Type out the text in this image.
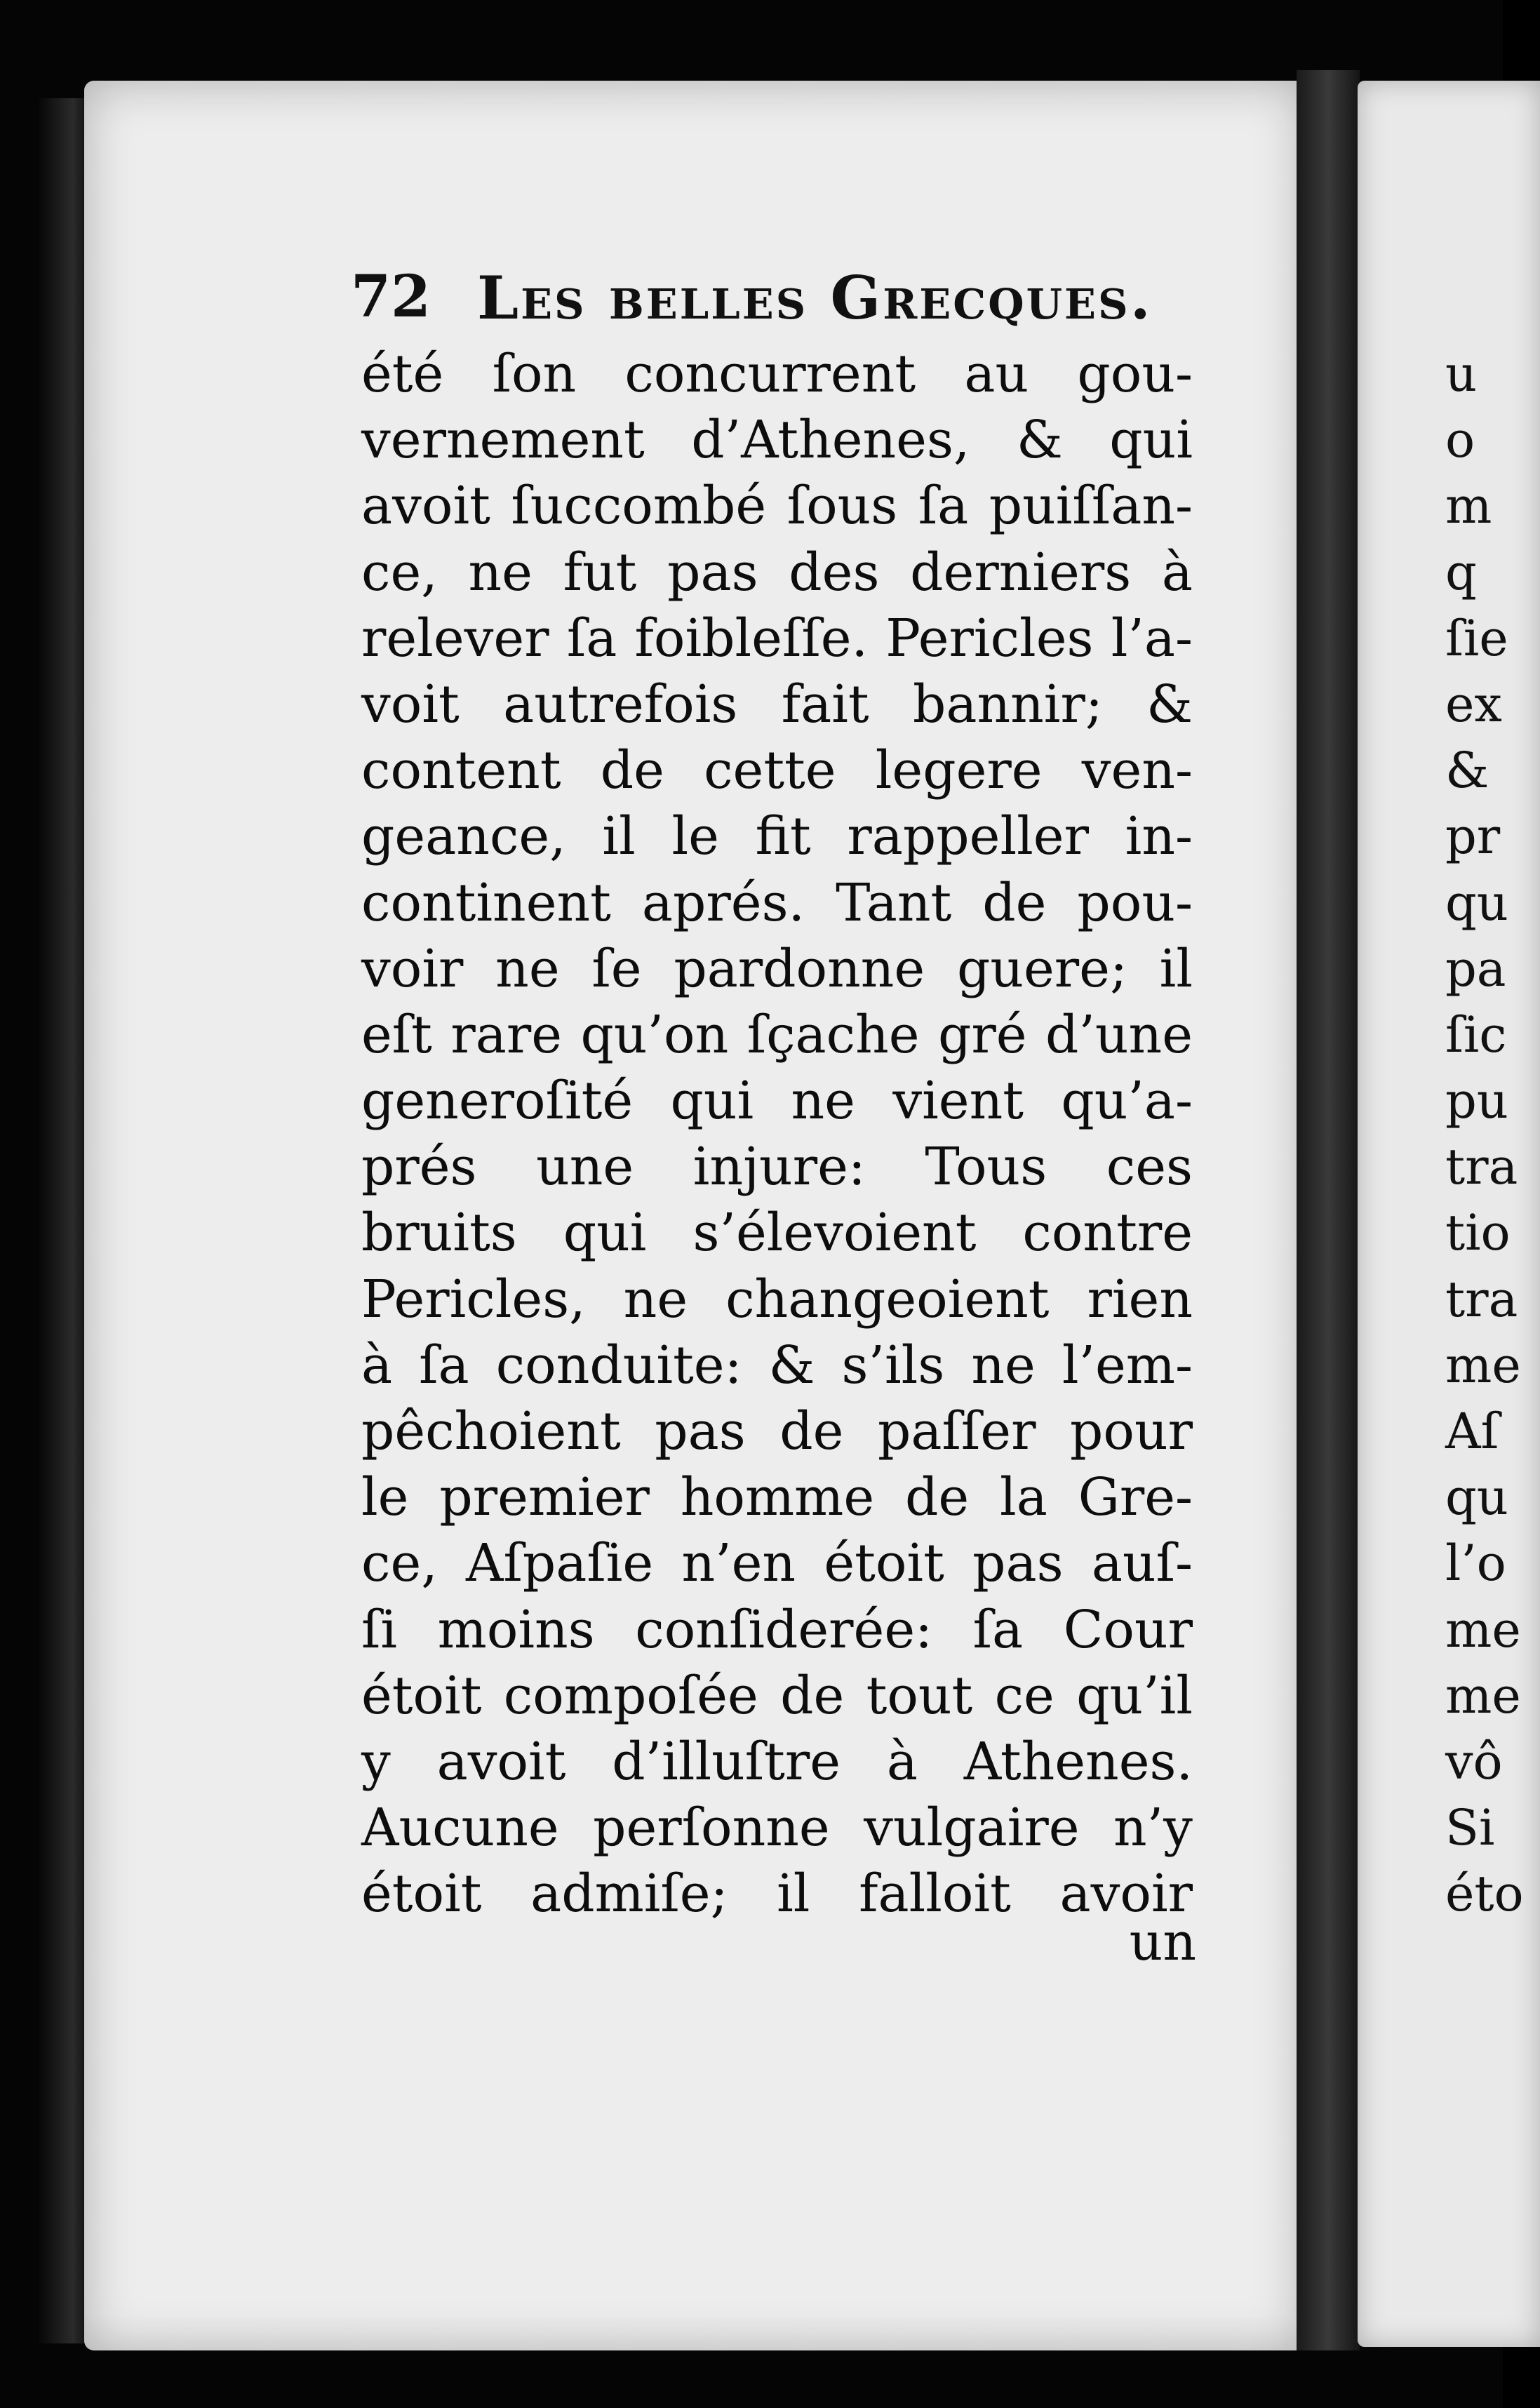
72 Les belles Grecques.
été ſon concurrent au gou-
vernement d’Athenes, & qui
avoit ſuccombé ſous ſa puiſſan-
ce, ne fut pas des derniers à
relever ſa foibleſſe. Pericles l’a-
voit autrefois fait bannir; &
content de cette legere ven-
geance, il le fit rappeller in-
continent aprés. Tant de pou-
voir ne ſe pardonne guere; il
eſt rare qu’on ſçache gré d’une
generoſité qui ne vient qu’a-
prés une injure: Tous ces
bruits qui s’élevoient contre
Pericles, ne changeoient rien
à ſa conduite: & s’ils ne l’em-
pêchoient pas de paſſer pour
le premier homme de la Gre-
ce, Aſpaſie n’en étoit pas auſ-
ſi moins conſiderée: ſa Cour
étoit compoſée de tout ce qu’il
y avoit d’illuſtre à Athenes.
Aucune perſonne vulgaire n’y
étoit admiſe; il falloit avoir
un
u
o
m
q
ſie
ex
&
pr
qu
pa
ſic
pu
tra
tio
tra
me
Aſ
qu
l’o
me
me
vô
Si
éto
